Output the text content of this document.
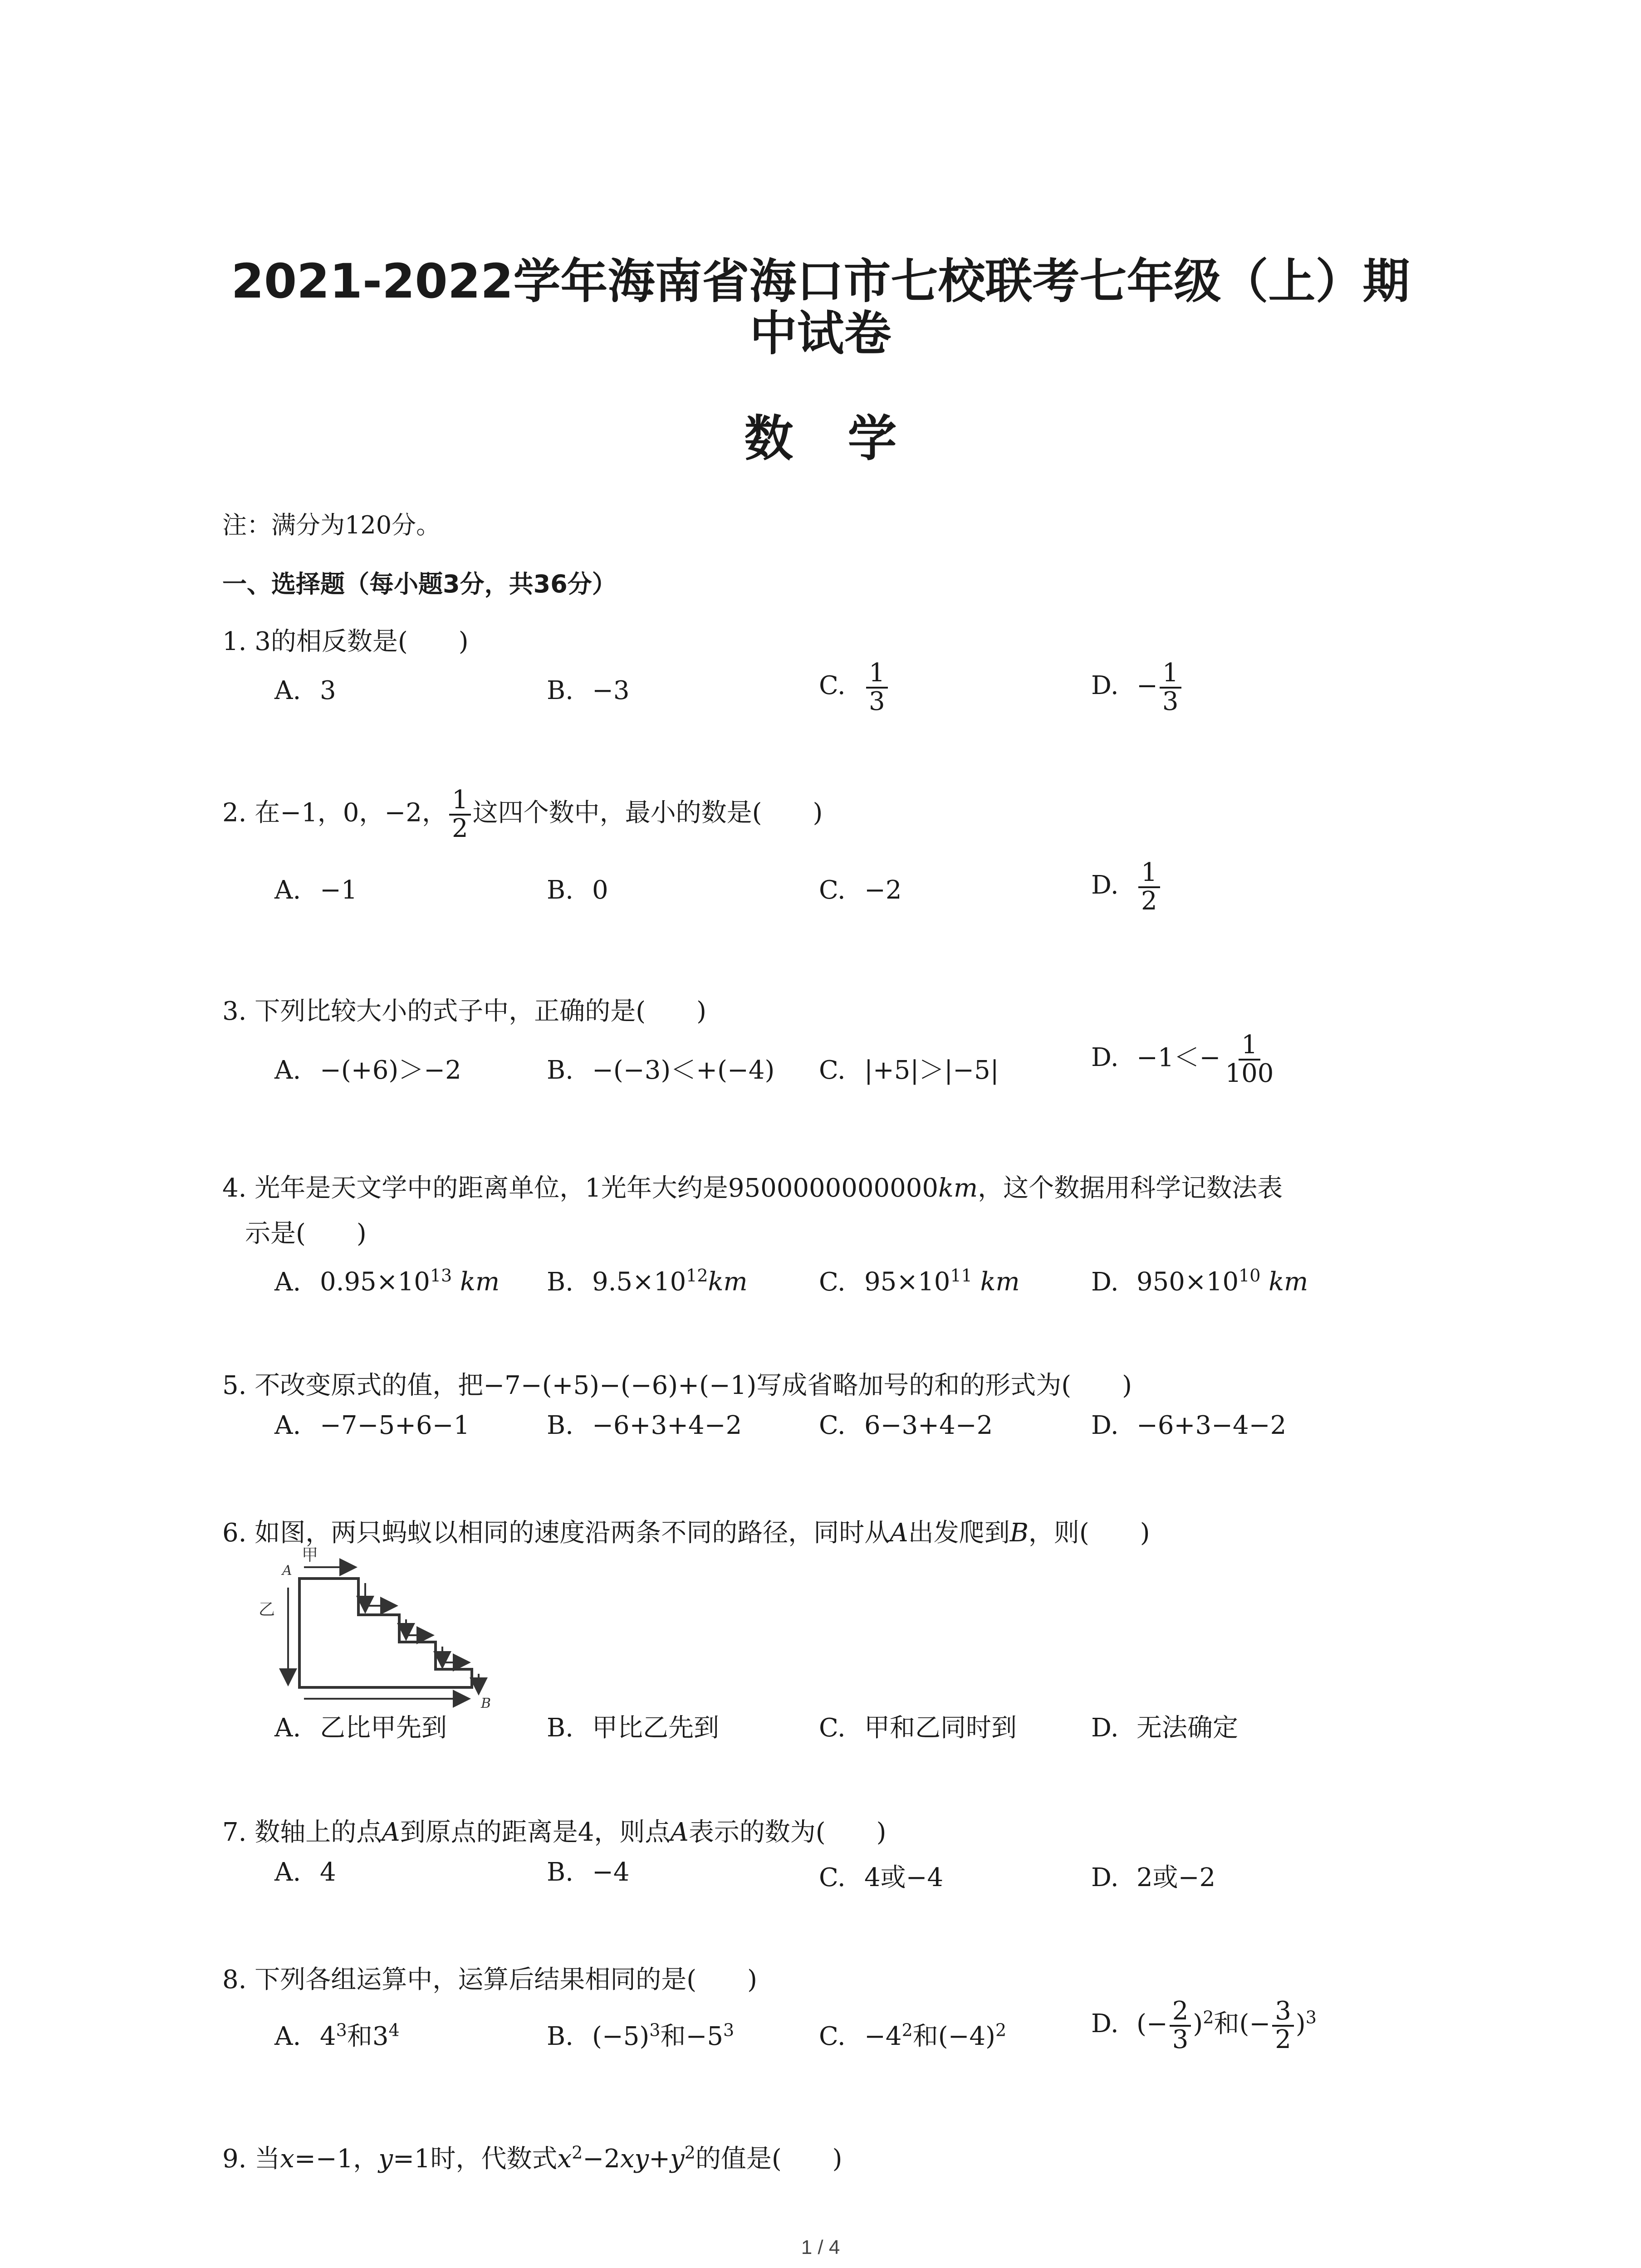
2021-2022学年海南省海口市七校联考七年级（上）期
中试卷
数学
注：满分为120分。
一、选择题（每小题3分，共36分）
1. 3的相反数是(　　)
A. 3	B. −3	C. $\frac{1}{3}$	D. − $\frac{1}{3}$
2. 在−1，0，−2， $\frac{1}{2}$ 这四个数中，最小的数是(　　)
A. −1	B. 0	C. −2	D. $\frac{1}{2}$
3. 下列比较大小的式子中，正确的是(　　)
A. −(+6)＞−2	B. −(−3)＜+(−4) C. |+5|＞|−5|	D. $-1<- \frac{1}{100}$
4. 光年是天文学中的距离单位，1光年大约是9500000000000km，这个数据用科学记数法表
示是(　　)
A. $0.95\times 10^{13}$ km B. $9.5\times 10^{12}km$	C. $95\times 10^{11}$ km	D. $950\times 10^{10}$ km
5. 不改变原式的值，把−7−(+5)−(−6)+(−1)写成省略加号的和的形式为(　　)
A. −7−5+6−1	B. −6+3+4−2	C. 6−3+4−2	D. −6+3−4−2
6. 如图，两只蚂蚁以相同的速度沿两条不同的路径，同时从A出发爬到B，则(　　)
甲
A
乙
B
A. 乙比甲先到	B. 甲比乙先到	C. 甲和乙同时到	D. 无法确定
7. 数轴上的点A到原点的距离是4，则点A表示的数为(　　)
A. 4	B. −4	C. 4或−4	D. 2或−2
8. 下列各组运算中，运算后结果相同的是(　　)
A. $4^3$和$3^4$	B. $(-5)^3$和$-5^3$	C. $-4^2$和$(-4)^2$	D. (− $\frac{2}{3} )^2$和(− $\frac{3}{2} )^3$
9. 当x=−1，y=1时，代数式$x^2-2xy+y^2$的值是(　　)
1 / 4
